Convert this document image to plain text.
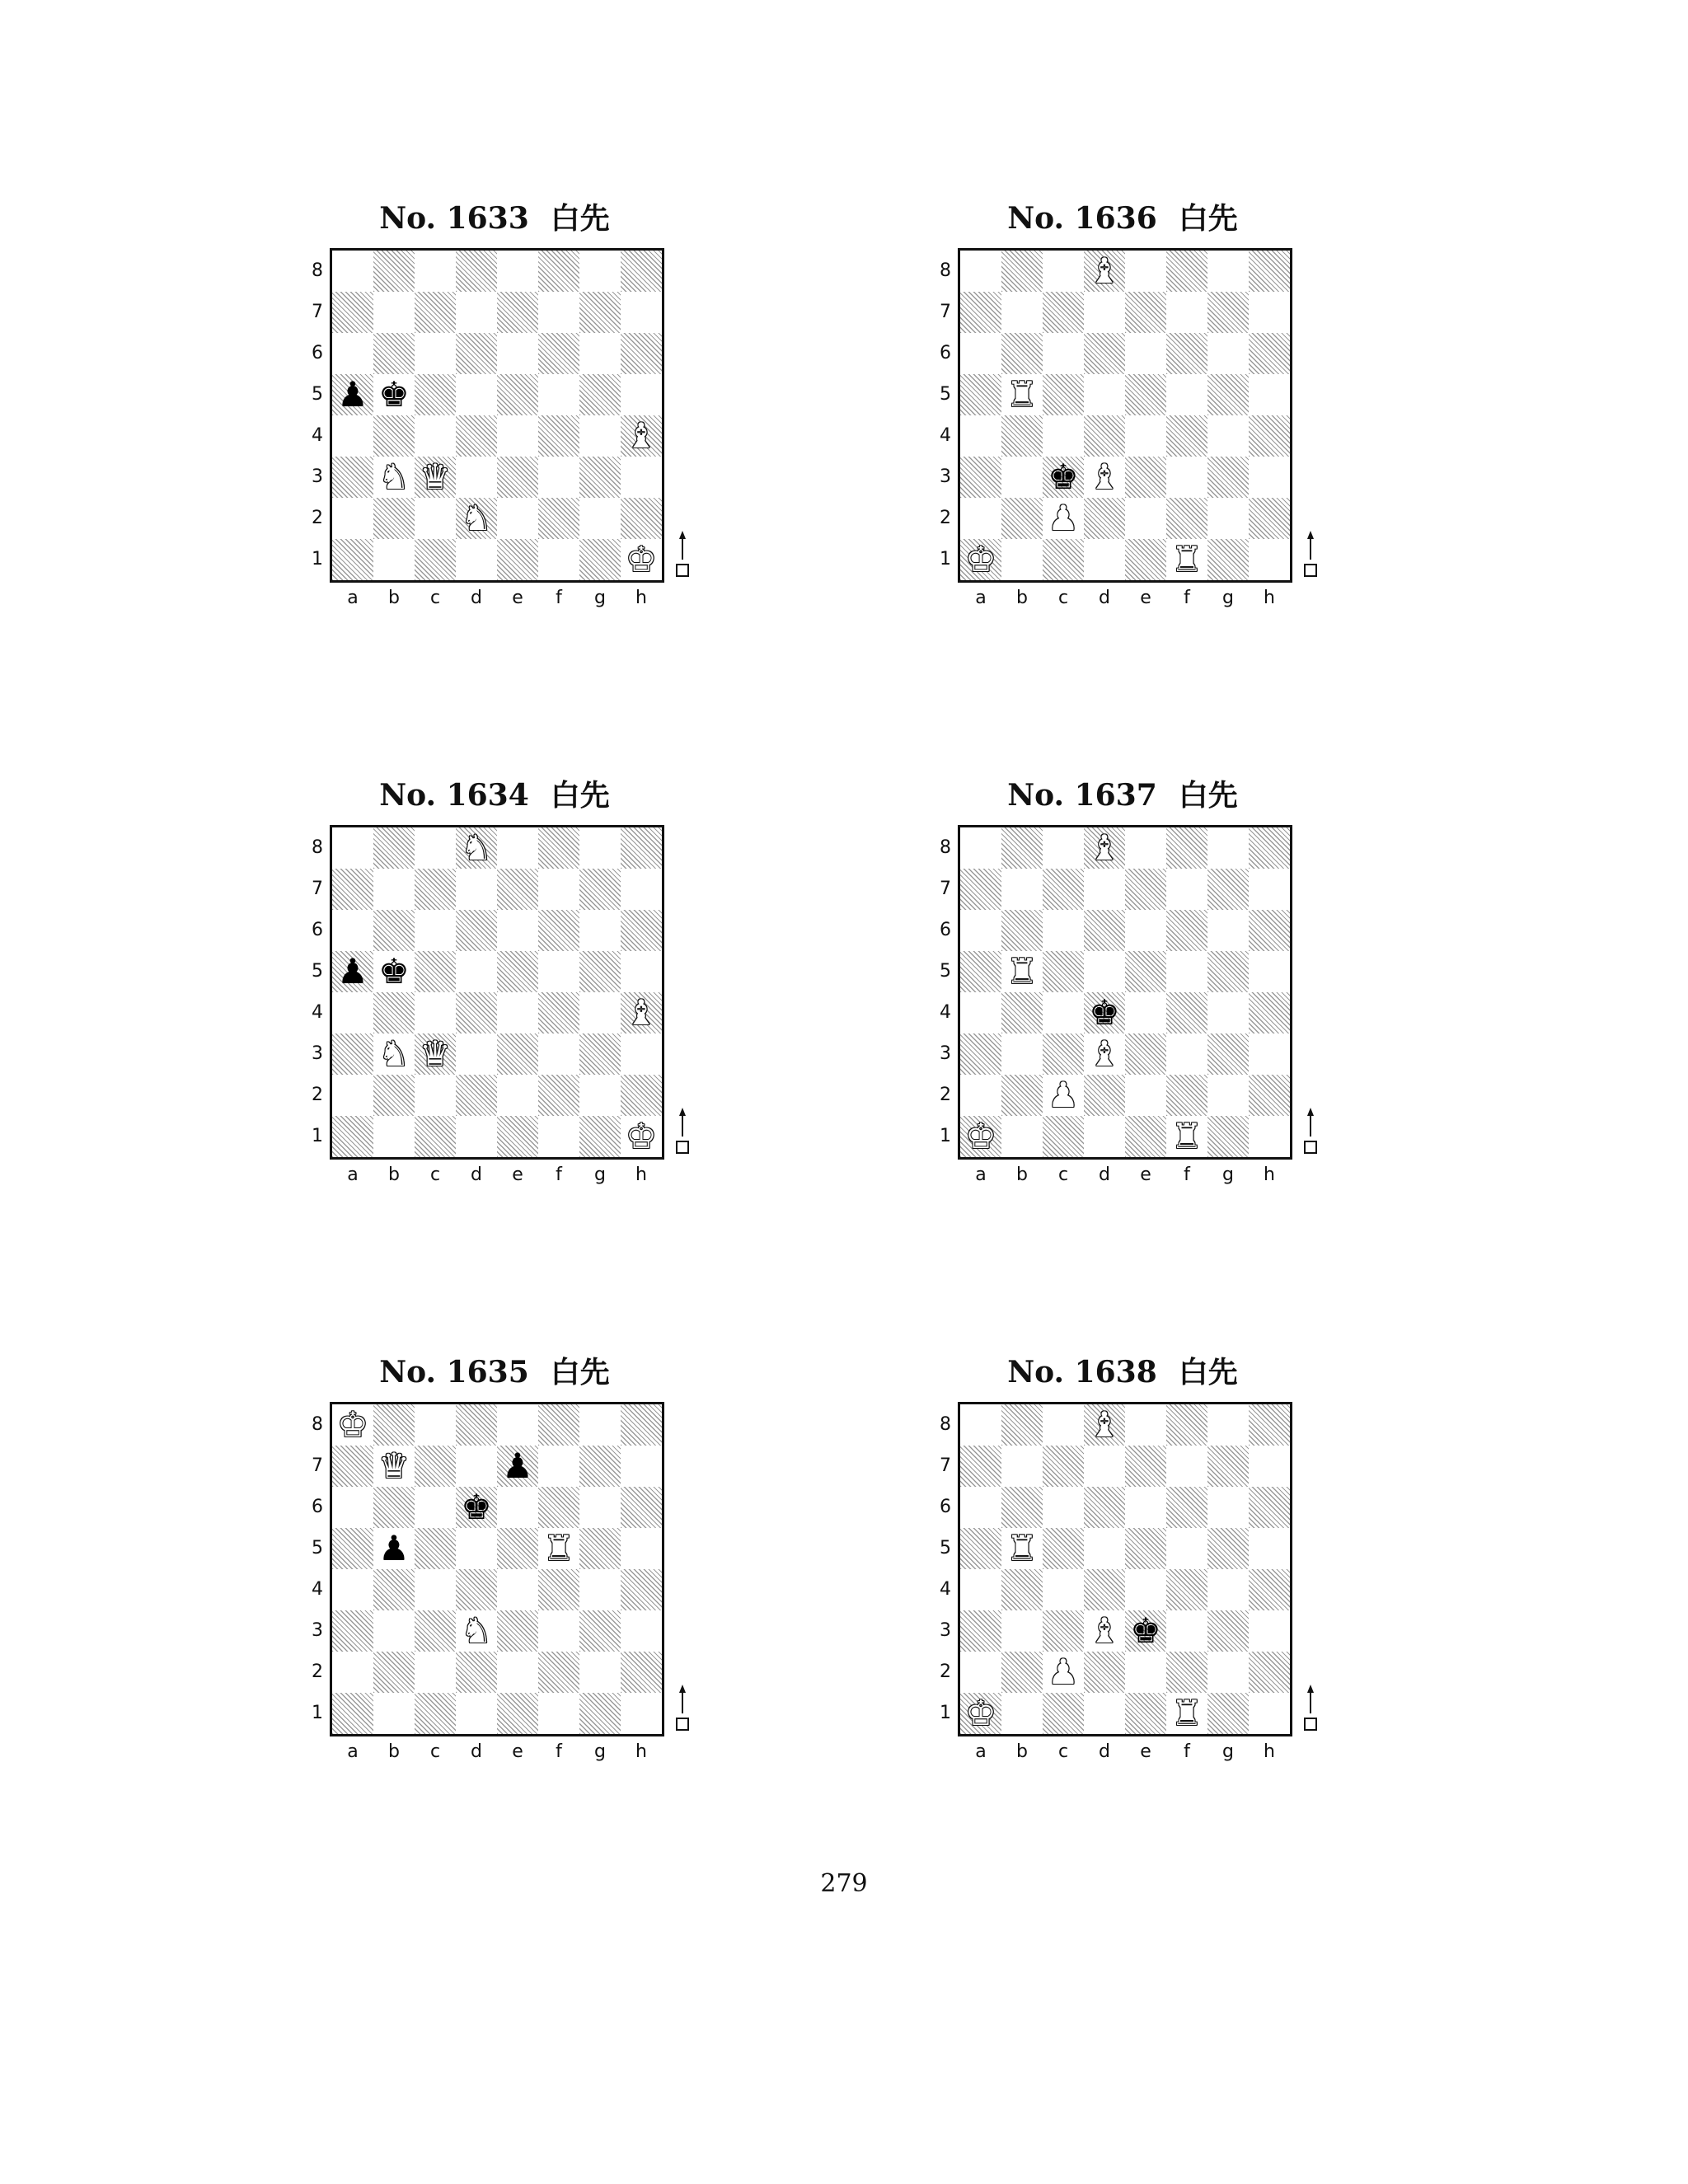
No. 1633 白先
8
7
6
5
4
3
2
1
♟ ♚
♝
♞ ♛
♞
♚
a	b	c	d	e	f	g	h
No. 1634 白先
8
7
6
5
4
3
2
1
♞
♟ ♚
♝
♞ ♛
♚
a	b	c	d	e	f	g	h
No. 1635 白先
8
7
6
5
4
3
2
1
♚
♛	♟
♚
♟	♜
♞
a	b	c	d	e	f	g	h
No. 1636 白先
8
7
6
5
4
3
2
1
♝
♜
♚ ♝
♟
♚	♜
a	b	c	d	e	f	g	h
No. 1637 白先
8
7
6
5
4
3
2
1
♝
♜
♚
♝
♟
♚	♜
a	b	c	d	e	f	g	h
No. 1638 白先
8
7
6
5
4
3
2
1
♝
♜
♝ ♚
♟
♚	♜
a	b	c	d	e	f	g	h
279
